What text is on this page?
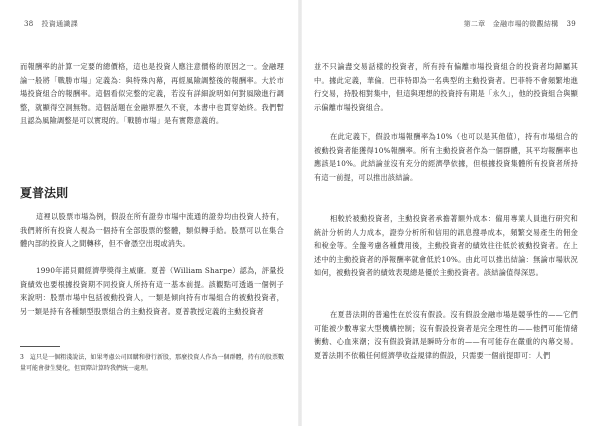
38 投資通識課

而報酬率的計算一定要的總價格，這也是投資人應注意價格的原因之一。金融理論一般將「戰勝市場」定義為：與特殊內幕，再經風險調整後的報酬率。大於市場投資組合的報酬率。這個看似完整的定義，若沒有詳細說明如何對風險進行調整，就顯得空洞無物。這個話題在金融界歷久不衰，本書中也貫穿始終。我們暫且認為風險調整是可以實現的。「戰勝市場」是有實際意義的。

夏普法則

這裡以股票市場為例，假設在所有證券市場中流通的證券均由投資人持有，我們將所有投資人視為一個持有全部股票的整體，類似轉手給。股票可以在集合體內部的投資人之間轉移，但不會憑空出現或消失。

1990年諾貝爾經濟學獎得主威廉．夏普（William Sharpe）認為，評量投資績效也要根據投資期不同投資人所持有這一基本前提。該觀點可透過一個例子來說明：股票市場中包括被動投資人，一類是傾向持有市場組合的被動投資者，另一類是持有各種類型股票組合的主動投資者。夏普教授定義的主動投資者

3　這只是一個粗淺說法，如果考慮公司回購和發行新股，那麼投資人作為一個群體，持有的股票數量可能會發生變化，但實際計算時我們統一處理。

第二章　金融市場的微觀結構 39

並不只論盡交易話樣的投資者，所有持有偏離市場投資組合的投資者均歸屬其中。據此定義，華倫．巴菲特即為一名典型的主動投資者。巴菲特不會頻繁地進行交易，持股相對集中，但這與理想的投資持有期是「永久」，他的投資組合與顯示偏離市場投資組合。

在此定義下，假設市場報酬率為10%（也可以是其他值），持有市場組合的被動投資者能獲得10%報酬率。所有主動投資者作為一個群體，其平均報酬率也應該是10%。此結論並沒有充分的經濟學依據，但根據投資集體所有投資者所持有這一前提，可以推出該結論。

相較於被動投資者，主動投資者承擔著額外成本：僱用專業人員進行研究和統計分析的人力成本，證券分析所和信用的訊息搜尋成本，頻繁交易產生的佣金和稅金等。全盤考慮各種費用後，主動投資者的績效往往低於被動投資者。在上述中的主動投資者的淨報酬率就會低於10%。由此可以推出結論：無論市場狀況如何，被動投資者的績效表現總是優於主動投資者。該結論值得深思。

在夏普法則的普遍性在於沒有假設。沒有假設金融市場是競爭性的——它們可能被少數專家大型機構控制；沒有假設投資者是完全理性的——他們可能情緒衝動、心血來潮；沒有假設資訊是瞬時分布的——有可能存在嚴重的內幕交易。夏普法則不依賴任何經濟學收益規律的假設，只需要一個前提即可：人們
